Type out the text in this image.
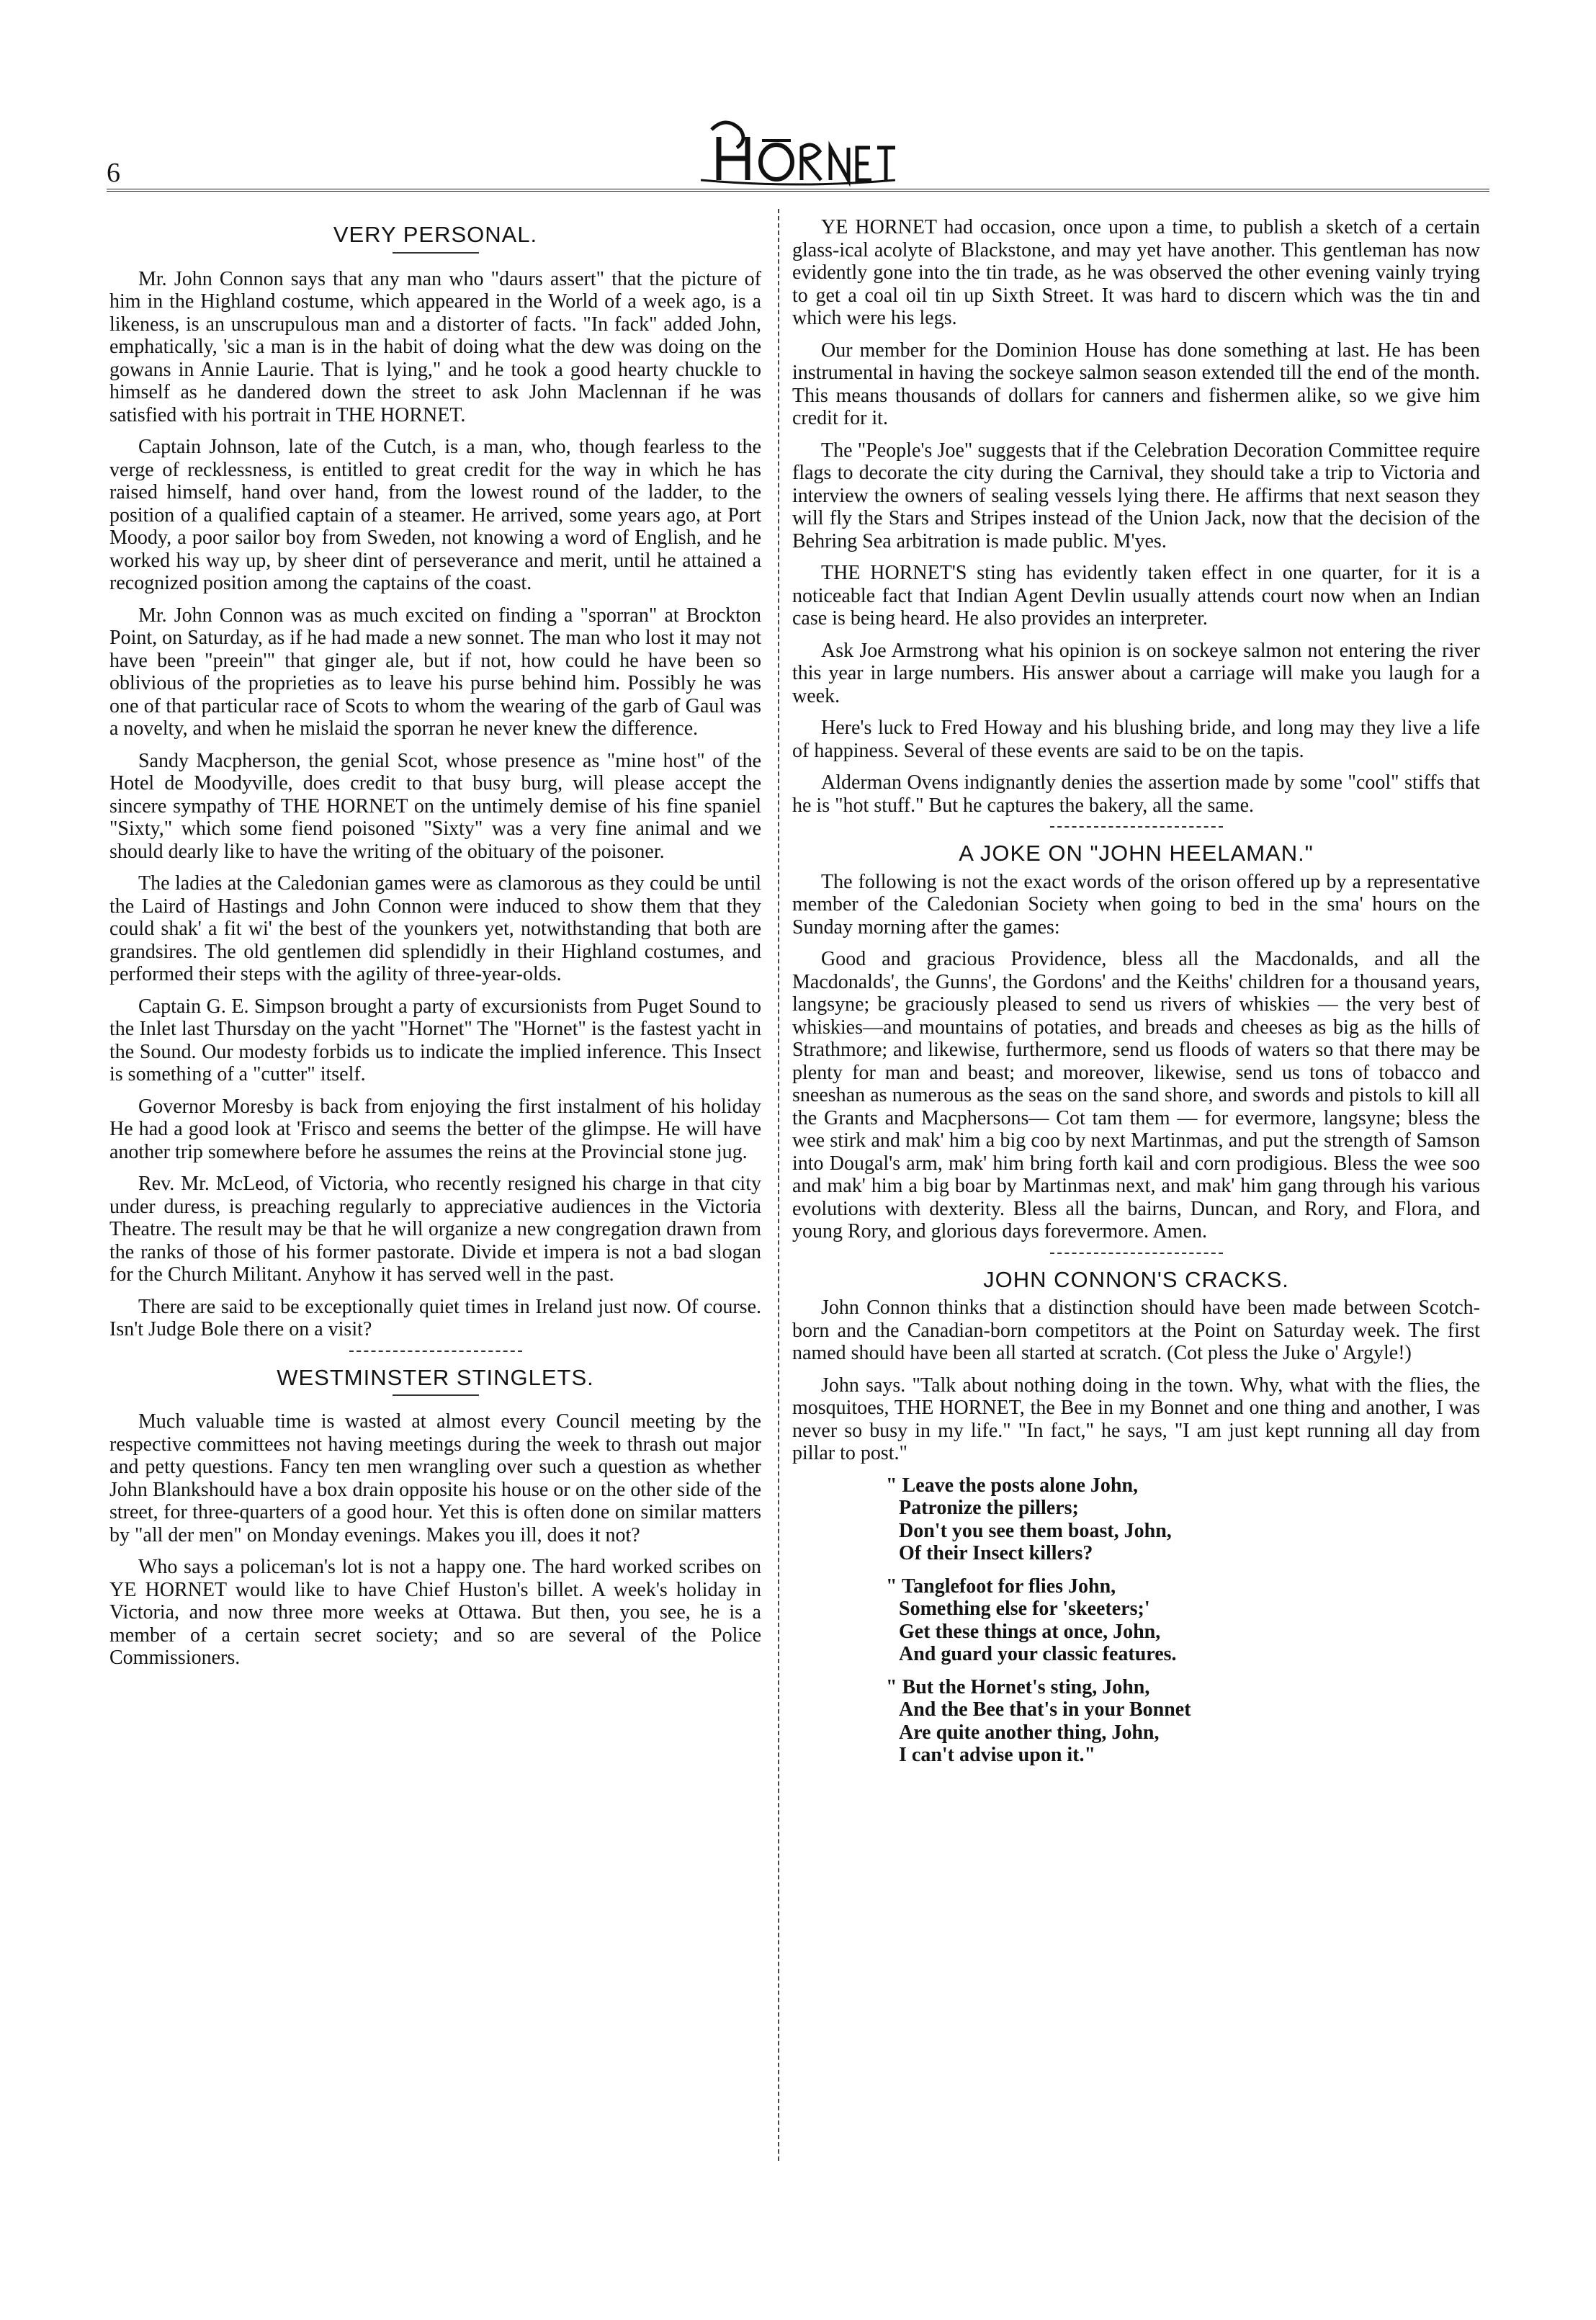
6
VERY PERSONAL.

Mr. John Connon says that any man who "daurs assert" that the picture of him in the Highland costume, which appeared in the World of a week ago, is a likeness, is an unscrupulous man and a distorter of facts. "In fack" added John, emphatically, 'sic a man is in the habit of doing what the dew was doing on the gowans in Annie Laurie. That is lying," and he took a good hearty chuckle to himself as he dandered down the street to ask John Maclennan if he was satisfied with his portrait in THE HORNET.

Captain Johnson, late of the Cutch, is a man, who, though fearless to the verge of recklessness, is entitled to great credit for the way in which he has raised himself, hand over hand, from the lowest round of the ladder, to the position of a qualified captain of a steamer. He arrived, some years ago, at Port Moody, a poor sailor boy from Sweden, not knowing a word of English, and he worked his way up, by sheer dint of perseverance and merit, until he attained a recognized position among the captains of the coast.

Mr. John Connon was as much excited on finding a "sporran" at Brockton Point, on Saturday, as if he had made a new sonnet. The man who lost it may not have been "preein'" that ginger ale, but if not, how could he have been so oblivious of the proprieties as to leave his purse behind him. Possibly he was one of that particular race of Scots to whom the wearing of the garb of Gaul was a novelty, and when he mislaid the sporran he never knew the difference.

Sandy Macpherson, the genial Scot, whose presence as "mine host" of the Hotel de Moodyville, does credit to that busy burg, will please accept the sincere sympathy of THE HORNET on the untimely demise of his fine spaniel "Sixty," which some fiend poisoned "Sixty" was a very fine animal and we should dearly like to have the writing of the obituary of the poisoner.

The ladies at the Caledonian games were as clamorous as they could be until the Laird of Hastings and John Connon were induced to show them that they could shak' a fit wi' the best of the younkers yet, notwithstanding that both are grandsires. The old gentlemen did splendidly in their Highland costumes, and performed their steps with the agility of three-year-olds.

Captain G. E. Simpson brought a party of excursionists from Puget Sound to the Inlet last Thursday on the yacht "Hornet" The "Hornet" is the fastest yacht in the Sound. Our modesty forbids us to indicate the implied inference. This Insect is something of a "cutter" itself.

Governor Moresby is back from enjoying the first instalment of his holiday He had a good look at 'Frisco and seems the better of the glimpse. He will have another trip somewhere before he assumes the reins at the Provincial stone jug.

Rev. Mr. McLeod, of Victoria, who recently resigned his charge in that city under duress, is preaching regularly to appreciative audiences in the Victoria Theatre. The result may be that he will organize a new congregation drawn from the ranks of those of his former pastorate. Divide et impera is not a bad slogan for the Church Militant. Anyhow it has served well in the past.

There are said to be exceptionally quiet times in Ireland just now. Of course. Isn't Judge Bole there on a visit?

WESTMINSTER STINGLETS.

Much valuable time is wasted at almost every Council meeting by the respective committees not having meetings during the week to thrash out major and petty questions. Fancy ten men wrangling over such a question as whether John Blankshould have a box drain opposite his house or on the other side of the street, for three-quarters of a good hour. Yet this is often done on similar matters by "all der men" on Monday evenings. Makes you ill, does it not?

Who says a policeman's lot is not a happy one. The hard worked scribes on YE HORNET would like to have Chief Huston's billet. A week's holiday in Victoria, and now three more weeks at Ottawa. But then, you see, he is a member of a certain secret society; and so are several of the Police Commissioners.

YE HORNET had occasion, once upon a time, to publish a sketch of a certain glass-ical acolyte of Blackstone, and may yet have another. This gentleman has now evidently gone into the tin trade, as he was observed the other evening vainly trying to get a coal oil tin up Sixth Street. It was hard to discern which was the tin and which were his legs.

Our member for the Dominion House has done something at last. He has been instrumental in having the sockeye salmon season extended till the end of the month. This means thousands of dollars for canners and fishermen alike, so we give him credit for it.

The "People's Joe" suggests that if the Celebration Decoration Committee require flags to decorate the city during the Carnival, they should take a trip to Victoria and interview the owners of sealing vessels lying there. He affirms that next season they will fly the Stars and Stripes instead of the Union Jack, now that the decision of the Behring Sea arbitration is made public. M'yes.

THE HORNET'S sting has evidently taken effect in one quarter, for it is a noticeable fact that Indian Agent Devlin usually attends court now when an Indian case is being heard. He also provides an interpreter.

Ask Joe Armstrong what his opinion is on sockeye salmon not entering the river this year in large numbers. His answer about a carriage will make you laugh for a week.

Here's luck to Fred Howay and his blushing bride, and long may they live a life of happiness. Several of these events are said to be on the tapis.

Alderman Ovens indignantly denies the assertion made by some "cool" stiffs that he is "hot stuff." But he captures the bakery, all the same.

A JOKE ON "JOHN HEELAMAN."

The following is not the exact words of the orison offered up by a representative member of the Caledonian Society when going to bed in the sma' hours on the Sunday morning after the games:

Good and gracious Providence, bless all the Macdonalds, and all the Macdonalds', the Gunns', the Gordons' and the Keiths' children for a thousand years, langsyne; be graciously pleased to send us rivers of whiskies — the very best of whiskies—and mountains of potaties, and breads and cheeses as big as the hills of Strathmore; and likewise, furthermore, send us floods of waters so that there may be plenty for man and beast; and moreover, likewise, send us tons of tobacco and sneeshan as numerous as the seas on the sand shore, and swords and pistols to kill all the Grants and Macphersons— Cot tam them — for evermore, langsyne; bless the wee stirk and mak' him a big coo by next Martinmas, and put the strength of Samson into Dougal's arm, mak' him bring forth kail and corn prodigious. Bless the wee soo and mak' him a big boar by Martinmas next, and mak' him gang through his various evolutions with dexterity. Bless all the bairns, Duncan, and Rory, and Flora, and young Rory, and glorious days forevermore. Amen.

JOHN CONNON'S CRACKS.

John Connon thinks that a distinction should have been made between Scotch-born and the Canadian-born competitors at the Point on Saturday week. The first named should have been all started at scratch. (Cot pless the Juke o' Argyle!)

John says. "Talk about nothing doing in the town. Why, what with the flies, the mosquitoes, THE HORNET, the Bee in my Bonnet and one thing and another, I was never so busy in my life." "In fact," he says, "I am just kept running all day from pillar to post."

" Leave the posts alone John,
Patronize the pillers;
Don't you see them boast, John,
Of their Insect killers?
" Tanglefoot for flies John,
Something else for 'skeeters;'
Get these things at once, John,
And guard your classic features.
" But the Hornet's sting, John,
And the Bee that's in your Bonnet
Are quite another thing, John,
I can't advise upon it."
